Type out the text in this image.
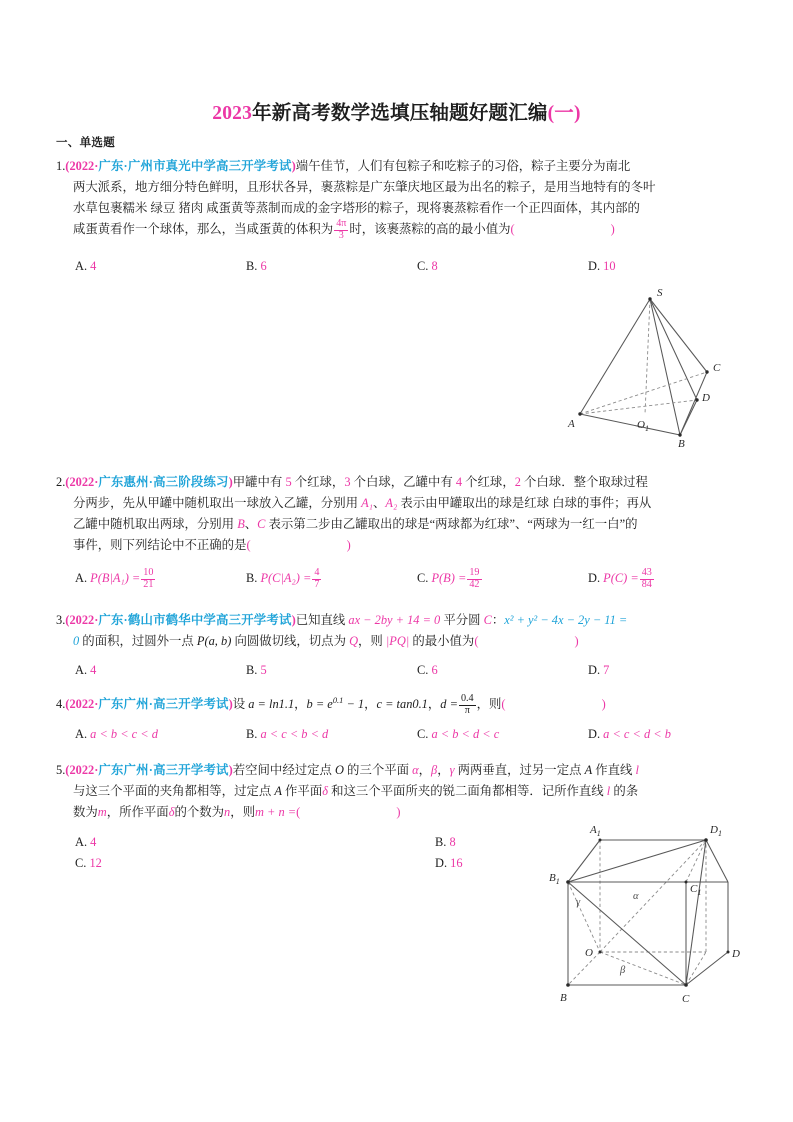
2023年新高考数学选填压轴题好题汇编(一)
一、单选题
1.(2022·广东·广州市真光中学高三开学考试)端午佳节，人们有包粽子和吃粽子的习俗，粽子主要分为南北
两大派系，地方细分特色鲜明，且形状各异，裹蒸粽是广东肇庆地区最为出名的粽子，是用当地特有的冬叶
水草包裹糯米 绿豆 猪肉 咸蛋黄等蒸制而成的金字塔形的粽子，现将裹蒸粽看作一个正四面体，其内部的
咸蛋黄看作一个球体，那么，当咸蛋黄的体积为 $\frac{4\pi}{3}$ 时，该裹蒸粽的高的最小值为(	)
A. 4	B. 6	C. 8	D. 10
S
A
B
C
D
$O_1$
2.(2022·广东惠州·高三阶段练习)甲罐中有 5 个红球，3 个白球，乙罐中有 4 个红球，2 个白球．整个取球过程
分两步，先从甲罐中随机取出一球放入乙罐，分别用 A₁、A₂ 表示由甲罐取出的球是红球 白球的事件；再从
乙罐中随机取出两球，分别用 B、C 表示第二步由乙罐取出的球是“两球都为红球”、“两球为一红一白”的
事件，则下列结论中不正确的是(	)
A. $P(B|A_1) = \frac{10}{21}$	B. $P(C|A_2) = \frac{4}{7}$	C. $P(B) = \frac{19}{42}$	D. $P(C) = \frac{43}{84}$
3.(2022·广东·鹤山市鹤华中学高三开学考试)已知直线 ax − 2by + 14 = 0 平分圆 C：x² + y² − 4x − 2y − 11 =
0 的面积，过圆外一点 P(a, b) 向圆做切线，切点为 Q，则 |PQ| 的最小值为(	)
A. 4	B. 5	C. 6	D. 7
4.(2022·广东广州·高三开学考试)设 a = ln1.1，$b = e^{0.1} - 1$，c = tan0.1，$d = \frac{0.4}{\pi}$ ，则(	)
A. a < b < c < d	B. a < c < b < d	C. a < b < d < c	D. a < c < d < b
5.(2022·广东广州·高三开学考试)若空间中经过定点 O 的三个平面 α，β，γ 两两垂直，过另一定点 A 作直线 l
与这三个平面的夹角都相等，过定点 A 作平面δ 和这三个平面所夹的锐二面角都相等．记所作直线 l 的条
数为m，所作平面δ的个数为n，则m + n =(	)
A. 4	B. 8
C. 12	D. 16
$A_1$	$D_1$
$B_1$
$C_1$
O	D
B	C
α
β
γ
